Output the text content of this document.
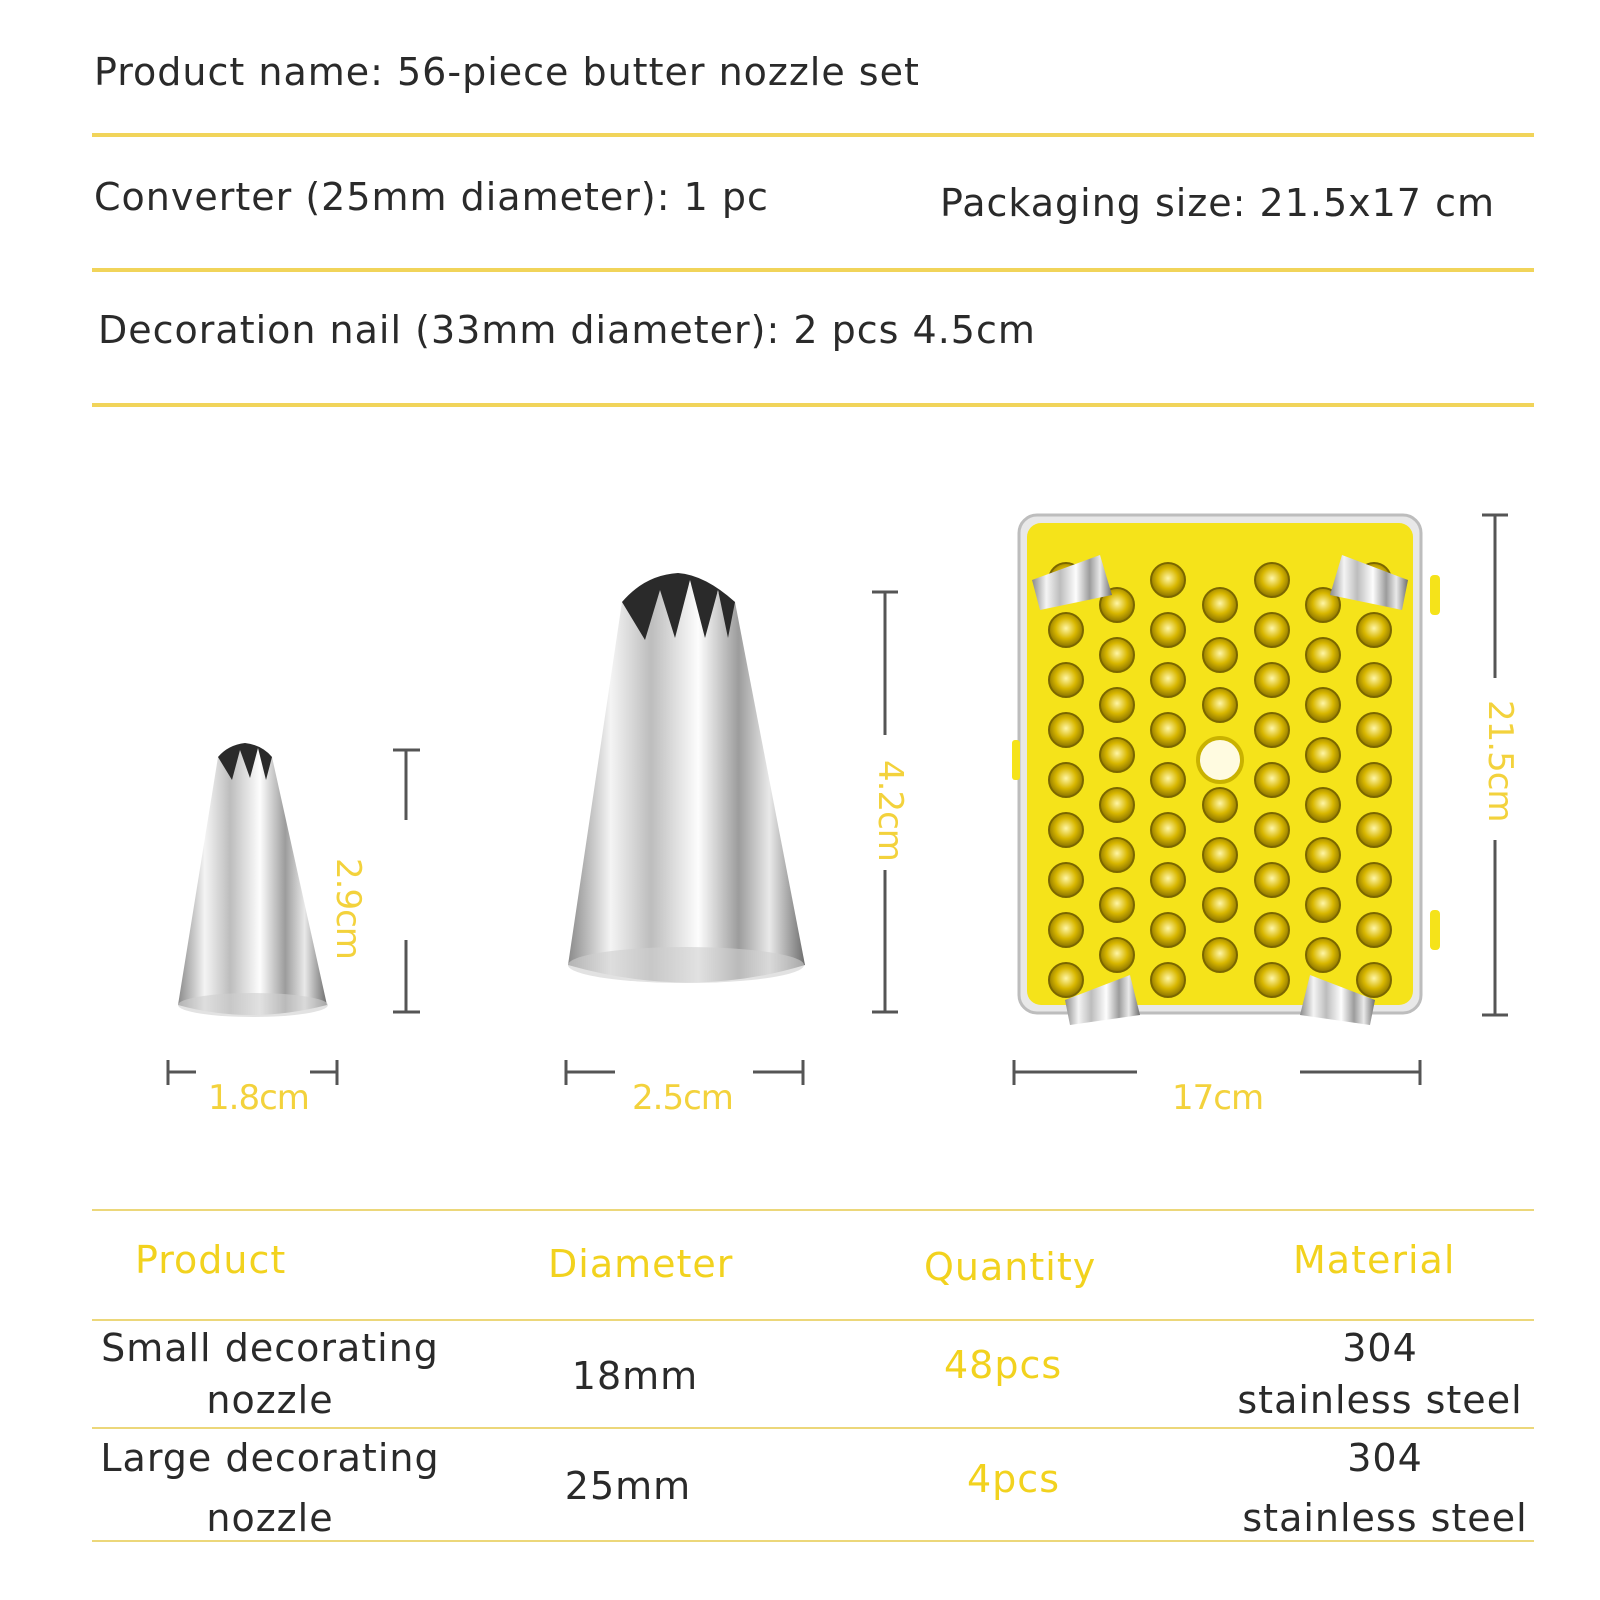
Product name: 56-piece butter nozzle set
Converter (25mm diameter): 1 pc	Packaging size: 21.5x17 cm
Decoration nail (33mm diameter): 2 pcs 4.5cm
2.9cm
1.8cm
4.2cm
2.5cm
21.5cm
17cm
Product	Diameter	Quantity	Material
Small decorating
nozzle
18mm	48pcs	304
stainless steel
Large decorating
nozzle
25mm	4pcs	304
stainless steel
